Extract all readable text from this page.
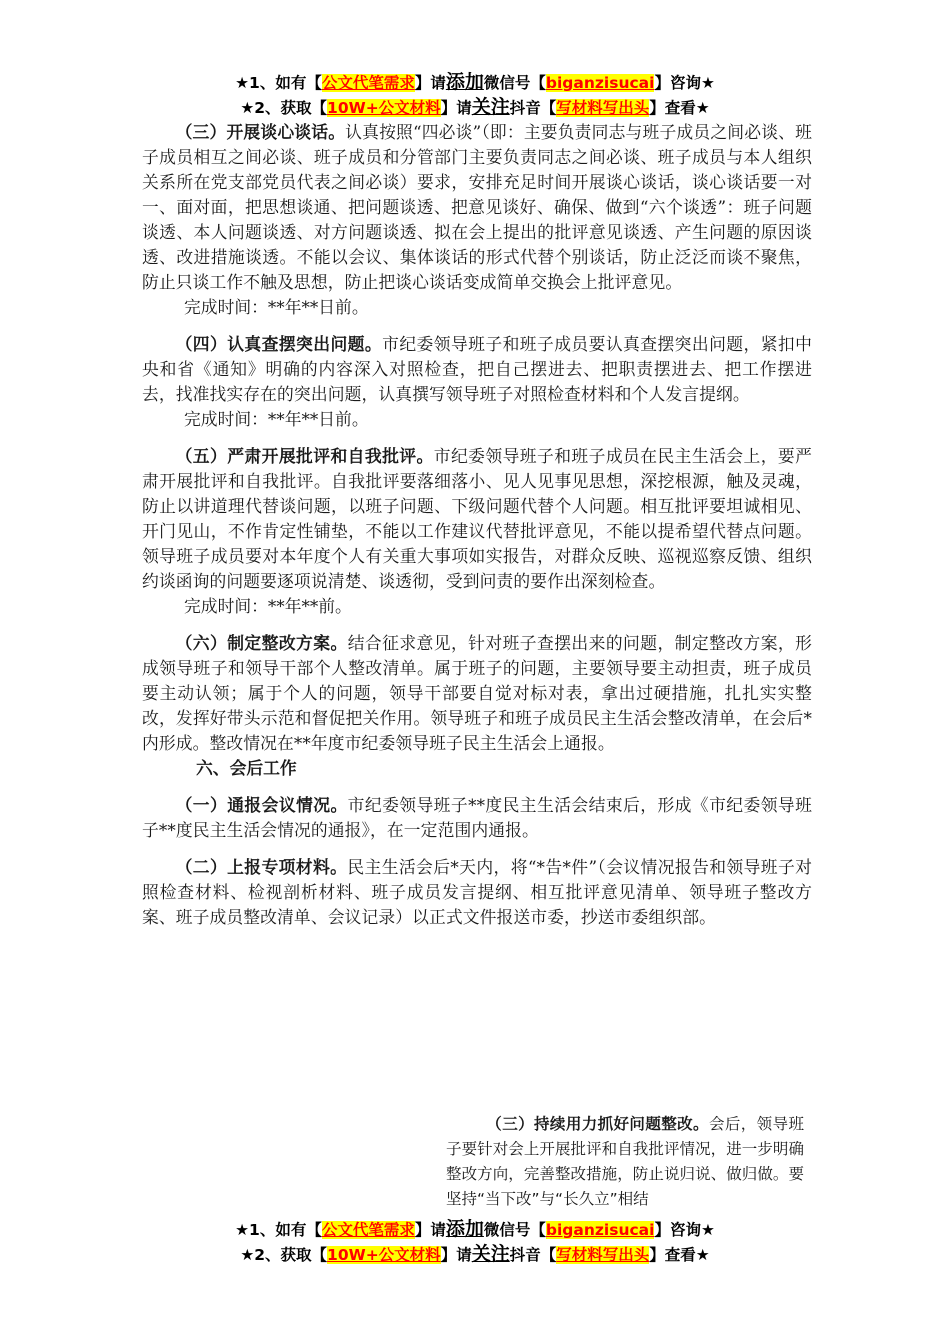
★1、如有【公文代笔需求】请添加微信号【biganzisucai】咨询★
★2、获取【10W+公文材料】请关注抖音【写材料写出头】查看★

（三）开展谈心谈话。认真按照“四必谈”（即：主要负责同志与班子成员之间必谈、班子成员相互之间必谈、班子成员和分管部门主要负责同志之间必谈、班子成员与本人组织关系所在党支部党员代表之间必谈）要求，安排充足时间开展谈心谈话，谈心谈话要一对一、面对面，把思想谈通、把问题谈透、把意见谈好、确保、做到“六个谈透”：班子问题谈透、本人问题谈透、对方问题谈透、拟在会上提出的批评意见谈透、产生问题的原因谈透、改进措施谈透。不能以会议、集体谈话的形式代替个别谈话，防止泛泛而谈不聚焦，防止只谈工作不触及思想，防止把谈心谈话变成简单交换会上批评意见。

完成时间：**年**日前。

（四）认真查摆突出问题。市纪委领导班子和班子成员要认真查摆突出问题，紧扣中央和省《通知》明确的内容深入对照检查，把自己摆进去、把职责摆进去、把工作摆进去，找准找实存在的突出问题，认真撰写领导班子对照检查材料和个人发言提纲。

完成时间：**年**日前。

（五）严肃开展批评和自我批评。市纪委领导班子和班子成员在民主生活会上，要严肃开展批评和自我批评。自我批评要落细落小、见人见事见思想，深挖根源，触及灵魂，防止以讲道理代替谈问题，以班子问题、下级问题代替个人问题。相互批评要坦诚相见、开门见山，不作肯定性铺垫，不能以工作建议代替批评意见，不能以提希望代替点问题。领导班子成员要对本年度个人有关重大事项如实报告，对群众反映、巡视巡察反馈、组织约谈函询的问题要逐项说清楚、谈透彻，受到问责的要作出深刻检查。

完成时间：**年**前。

（六）制定整改方案。结合征求意见，针对班子查摆出来的问题，制定整改方案，形成领导班子和领导干部个人整改清单。属于班子的问题，主要领导要主动担责，班子成员要主动认领；属于个人的问题，领导干部要自觉对标对表，拿出过硬措施，扎扎实实整改，发挥好带头示范和督促把关作用。领导班子和班子成员民主生活会整改清单，在会后*内形成。整改情况在**年度市纪委领导班子民主生活会上通报。

六、会后工作

（一）通报会议情况。市纪委领导班子**度民主生活会结束后，形成《市纪委领导班子**度民主生活会情况的通报》，在一定范围内通报。

（二）上报专项材料。民主生活会后*天内，将“*告*件”（会议情况报告和领导班子对照检查材料、检视剖析材料、班子成员发言提纲、相互批评意见清单、领导班子整改方案、班子成员整改清单、会议记录）以正式文件报送市委，抄送市委组织部。

（三）持续用力抓好问题整改。会后，领导班子要针对会上开展批评和自我批评情况，进一步明确整改方向，完善整改措施，防止说归说、做归做。要坚持“当下改”与“长久立”相结

★1、如有【公文代笔需求】请添加微信号【biganzisucai】咨询★
★2、获取【10W+公文材料】请关注抖音【写材料写出头】查看★
